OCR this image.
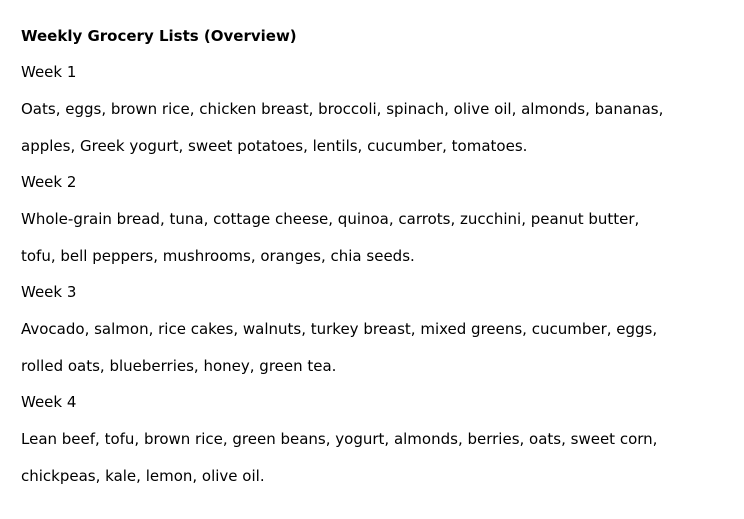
Weekly Grocery Lists (Overview)

Week 1

Oats, eggs, brown rice, chicken breast, broccoli, spinach, olive oil, almonds, bananas,

apples, Greek yogurt, sweet potatoes, lentils, cucumber, tomatoes.

Week 2

Whole-grain bread, tuna, cottage cheese, quinoa, carrots, zucchini, peanut butter,

tofu, bell peppers, mushrooms, oranges, chia seeds.

Week 3

Avocado, salmon, rice cakes, walnuts, turkey breast, mixed greens, cucumber, eggs,

rolled oats, blueberries, honey, green tea.

Week 4

Lean beef, tofu, brown rice, green beans, yogurt, almonds, berries, oats, sweet corn,

chickpeas, kale, lemon, olive oil.
